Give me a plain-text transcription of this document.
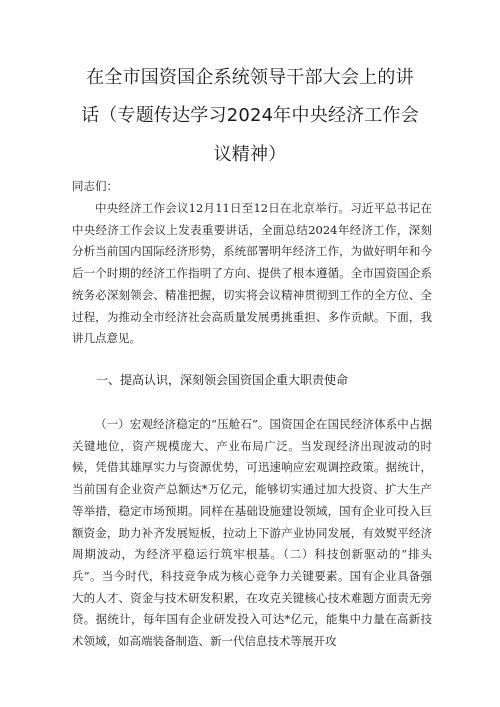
在全市国资国企系统领导干部大会上的讲
话（专题传达学习2024年中央经济工作会
议精神）
同志们：
中央经济工作会议12月11日至12日在北京举行。习近平总书记在中央经济工作会议上发表重要讲话，全面总结2024年经济工作，深刻分析当前国内国际经济形势，系统部署明年经济工作，为做好明年和今后一个时期的经济工作指明了方向、提供了根本遵循。全市国资国企系统务必深刻领会、精准把握，切实将会议精神贯彻到工作的全方位、全过程，为推动全市经济社会高质量发展勇挑重担、多作贡献。下面，我讲几点意见。
一、提高认识，深刻领会国资国企重大职责使命
（一）宏观经济稳定的“压舱石”。国资国企在国民经济体系中占据关键地位，资产规模庞大、产业布局广泛。当发现经济出现波动的时候，凭借其雄厚实力与资源优势，可迅速响应宏观调控政策。据统计，当前国有企业资产总额达*万亿元，能够切实通过加大投资、扩大生产等举措，稳定市场预期。同样在基础设施建设领域，国有企业可投入巨额资金，助力补齐发展短板，拉动上下游产业协同发展，有效熨平经济周期波动，为经济平稳运行筑牢根基。（二）科技创新驱动的“排头兵”。当今时代，科技竞争成为核心竞争力关键要素。国有企业具备强大的人才、资金与技术研发积累，在攻克关键核心技术难题方面责无旁贷。据统计，每年国有企业研发投入可达*亿元，能集中力量在高新技术领域，如高端装备制造、新一代信息技术等展开攻
